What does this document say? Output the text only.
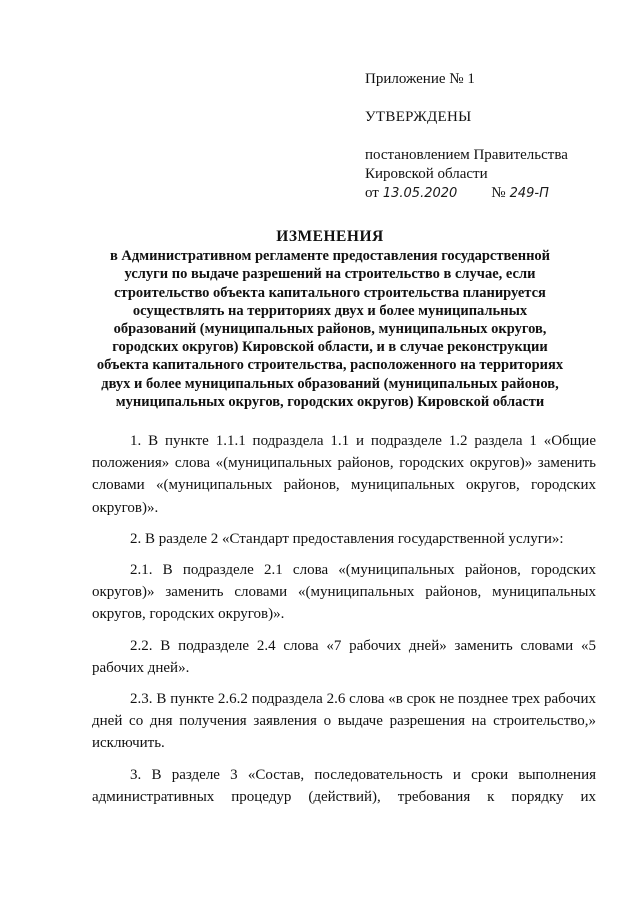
Приложение № 1

УТВЕРЖДЕНЫ

постановлением Правительства

Кировской области

от 13.05.2020 № 249-П
ИЗМЕНЕНИЯ
в Административном регламенте предоставления государственной услуги по выдаче разрешений на строительство в случае, если строительство объекта капитального строительства планируется осуществлять на территориях двух и более муниципальных образований (муниципальных районов, муниципальных округов, городских округов) Кировской области, и в случае реконструкции объекта капитального строительства, расположенного на территориях двух и более муниципальных образований (муниципальных районов, муниципальных округов, городских округов) Кировской области

1. В пункте 1.1.1 подраздела 1.1 и подразделе 1.2 раздела 1 «Общие положения» слова «(муниципальных районов, городских округов)» заменить словами «(муниципальных районов, муниципальных округов, городских округов)».

2. В разделе 2 «Стандарт предоставления государственной услуги»:

2.1. В подразделе 2.1 слова «(муниципальных районов, городских округов)» заменить словами «(муниципальных районов, муниципальных округов, городских округов)».

2.2. В подразделе 2.4 слова «7 рабочих дней» заменить словами «5 рабочих дней».

2.3. В пункте 2.6.2 подраздела 2.6 слова «в срок не позднее трех рабочих дней со дня получения заявления о выдаче разрешения на строительство,» исключить.

3. В разделе 3 «Состав, последовательность и сроки выполнения административных процедур (действий), требования к порядку их
